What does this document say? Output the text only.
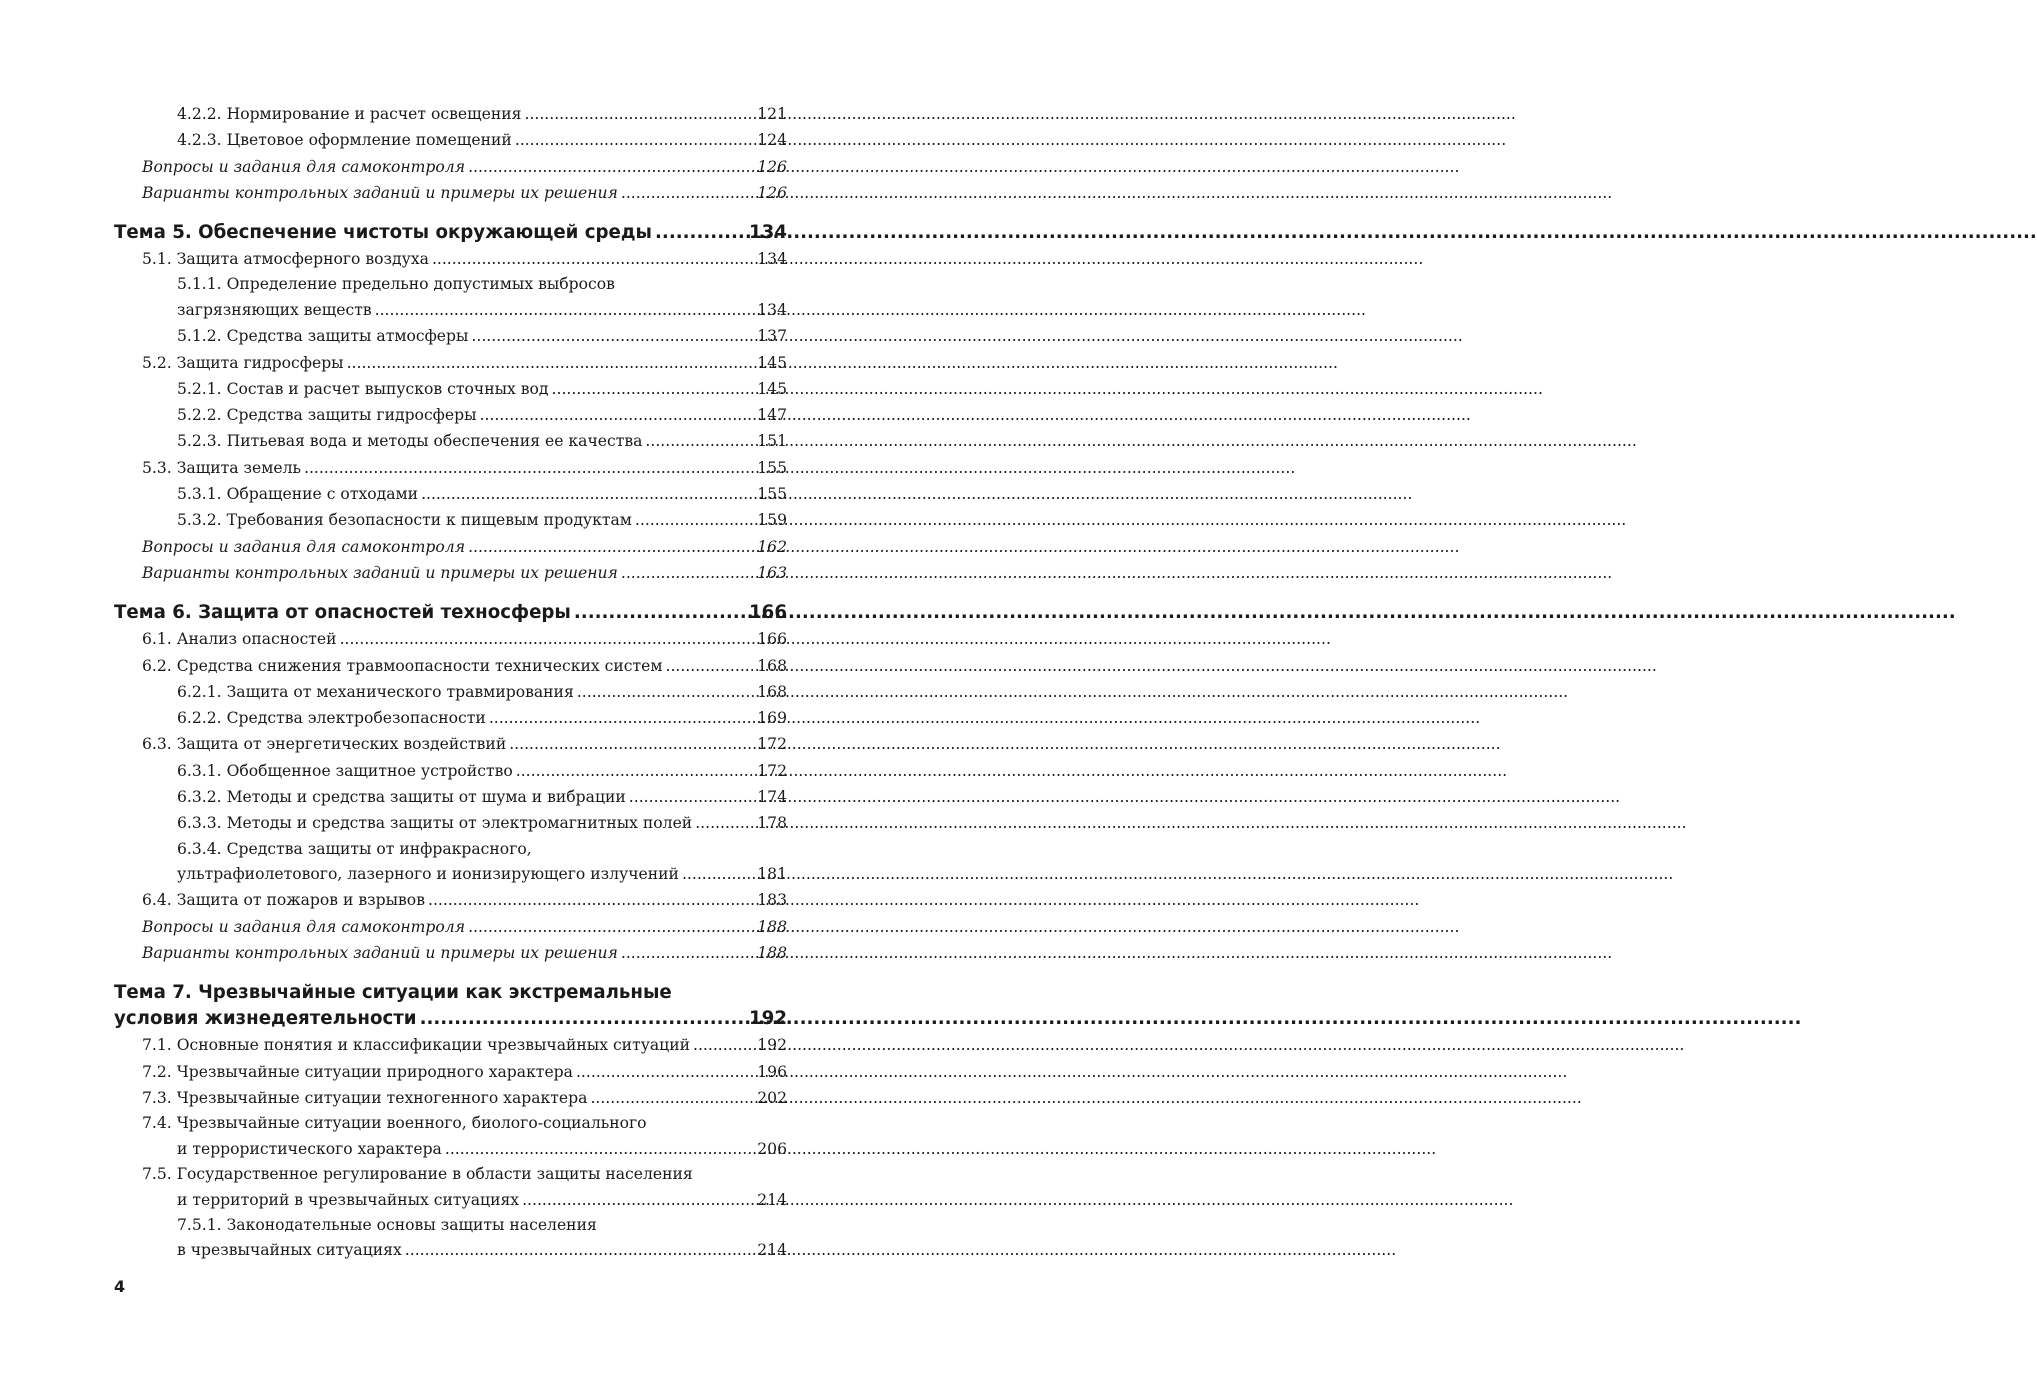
4.2.2. Нормирование и расчет освещения .....	121
4.2.3. Цветовое оформление помещений .....	124
Вопросы и задания для самоконтроля .....	126
Варианты контрольных заданий и примеры их решения .....	126
Тема 5. Обеспечение чистоты окружающей среды .....	134
5.1. Защита атмосферного воздуха .....	134
5.1.1. Определение предельно допустимых выбросов
загрязняющих веществ .....	134
5.1.2. Средства защиты атмосферы .....	137
5.2. Защита гидросферы .....	145
5.2.1. Состав и расчет выпусков сточных вод .....	145
5.2.2. Средства защиты гидросферы .....	147
5.2.3. Питьевая вода и методы обеспечения ее качества .....	151
5.3. Защита земель .....	155
5.3.1. Обращение с отходами .....	155
5.3.2. Требования безопасности к пищевым продуктам .....	159
Вопросы и задания для самоконтроля .....	162
Варианты контрольных заданий и примеры их решения .....	163
Тема 6. Защита от опасностей техносферы .....	166
6.1. Анализ опасностей .....	166
6.2. Средства снижения травмоопасности технических систем .....	168
6.2.1. Защита от механического травмирования .....	168
6.2.2. Средства электробезопасности .....	169
6.3. Защита от энергетических воздействий .....	172
6.3.1. Обобщенное защитное устройство .....	172
6.3.2. Методы и средства защиты от шума и вибрации .....	174
6.3.3. Методы и средства защиты от электромагнитных полей .....	178
6.3.4. Средства защиты от инфракрасного,
ультрафиолетового, лазерного и ионизирующего излучений .....	181
6.4. Защита от пожаров и взрывов .....	183
Вопросы и задания для самоконтроля .....	188
Варианты контрольных заданий и примеры их решения .....	188
Тема 7. Чрезвычайные ситуации как экстремальные
условия жизнедеятельности .....	192
7.1. Основные понятия и классификации чрезвычайных ситуаций .....	192
7.2. Чрезвычайные ситуации природного характера .....	196
7.3. Чрезвычайные ситуации техногенного характера .....	202
7.4. Чрезвычайные ситуации военного, биолого-социального
и террористического характера .....	206
7.5. Государственное регулирование в области защиты населения
и территорий в чрезвычайных ситуациях .....	214
7.5.1. Законодательные основы защиты населения
в чрезвычайных ситуациях .....	214
4
